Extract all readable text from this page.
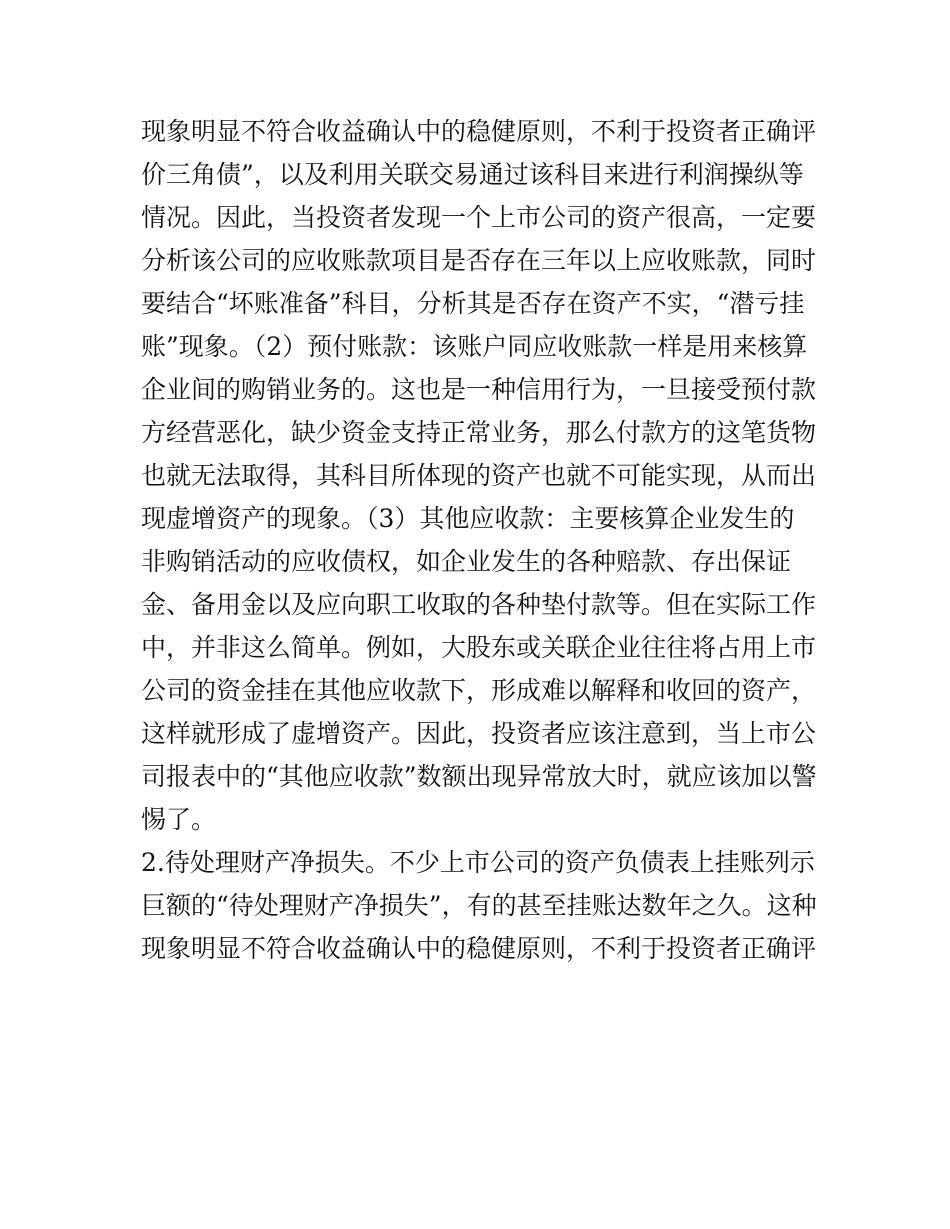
现象明显不符合收益确认中的稳健原则，不利于投资者正确评
价三角债”，以及利用关联交易通过该科目来进行利润操纵等
情况。因此，当投资者发现一个上市公司的资产很高，一定要
分析该公司的应收账款项目是否存在三年以上应收账款，同时
要结合“坏账准备”科目，分析其是否存在资产不实，“潜亏挂
账”现象。（2）预付账款：该账户同应收账款一样是用来核算
企业间的购销业务的。这也是一种信用行为，一旦接受预付款
方经营恶化，缺少资金支持正常业务，那么付款方的这笔货物
也就无法取得，其科目所体现的资产也就不可能实现，从而出
现虚增资产的现象。（3）其他应收款：主要核算企业发生的
非购销活动的应收债权，如企业发生的各种赔款、存出保证
金、备用金以及应向职工收取的各种垫付款等。但在实际工作
中，并非这么简单。例如，大股东或关联企业往往将占用上市
公司的资金挂在其他应收款下，形成难以解释和收回的资产，
这样就形成了虚增资产。因此，投资者应该注意到，当上市公
司报表中的“其他应收款”数额出现异常放大时，就应该加以警
惕了。
2.待处理财产净损失。不少上市公司的资产负债表上挂账列示
巨额的“待处理财产净损失”，有的甚至挂账达数年之久。这种
现象明显不符合收益确认中的稳健原则，不利于投资者正确评
